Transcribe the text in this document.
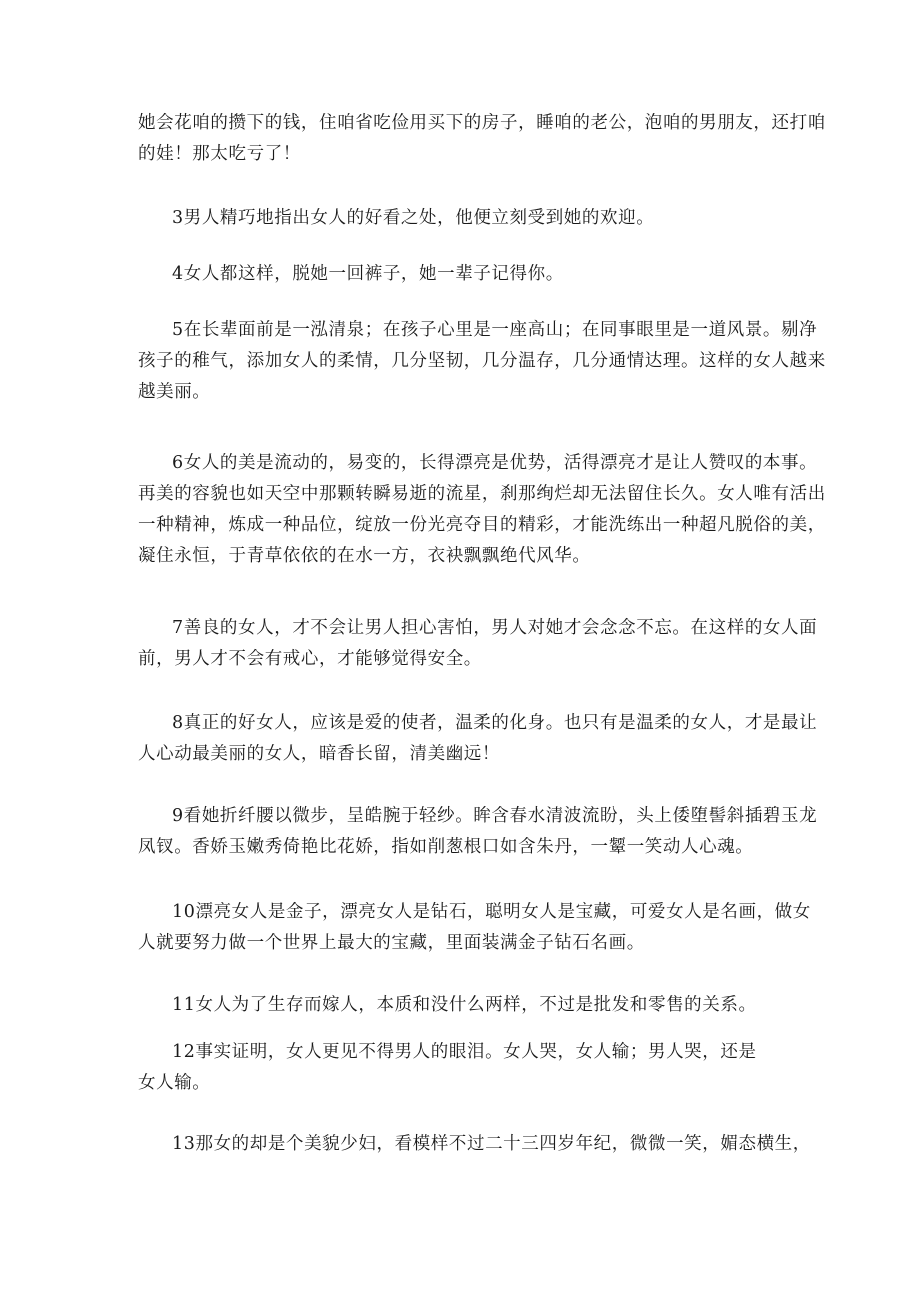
她会花咱的攒下的钱，住咱省吃俭用买下的房子，睡咱的老公，泡咱的男朋友，还打咱
的娃！那太吃亏了！

3男人精巧地指出女人的好看之处，他便立刻受到她的欢迎。

4女人都这样，脱她一回裤子，她一辈子记得你。

5在长辈面前是一泓清泉；在孩子心里是一座高山；在同事眼里是一道风景。剔净
孩子的稚气，添加女人的柔情，几分坚韧，几分温存，几分通情达理。这样的女人越来
越美丽。

6女人的美是流动的，易变的，长得漂亮是优势，活得漂亮才是让人赞叹的本事。
再美的容貌也如天空中那颗转瞬易逝的流星，刹那绚烂却无法留住长久。女人唯有活出
一种精神，炼成一种品位，绽放一份光亮夺目的精彩，才能洗练出一种超凡脱俗的美，
凝住永恒，于青草依依的在水一方，衣袂飘飘绝代风华。

7善良的女人，才不会让男人担心害怕，男人对她才会念念不忘。在这样的女人面
前，男人才不会有戒心，才能够觉得安全。

8真正的好女人，应该是爱的使者，温柔的化身。也只有是温柔的女人，才是最让
人心动最美丽的女人，暗香长留，清美幽远！

9看她折纤腰以微步，呈皓腕于轻纱。眸含春水清波流盼，头上倭堕髻斜插碧玉龙
凤钗。香娇玉嫩秀倚艳比花娇，指如削葱根口如含朱丹，一颦一笑动人心魂。

10漂亮女人是金子，漂亮女人是钻石，聪明女人是宝藏，可爱女人是名画，做女
人就要努力做一个世界上最大的宝藏，里面装满金子钻石名画。

11女人为了生存而嫁人，本质和没什么两样，不过是批发和零售的关系。

12事实证明，女人更见不得男人的眼泪。女人哭，女人输；男人哭，还是
女人输。

13那女的却是个美貌少妇，看模样不过二十三四岁年纪，微微一笑，媚态横生，
